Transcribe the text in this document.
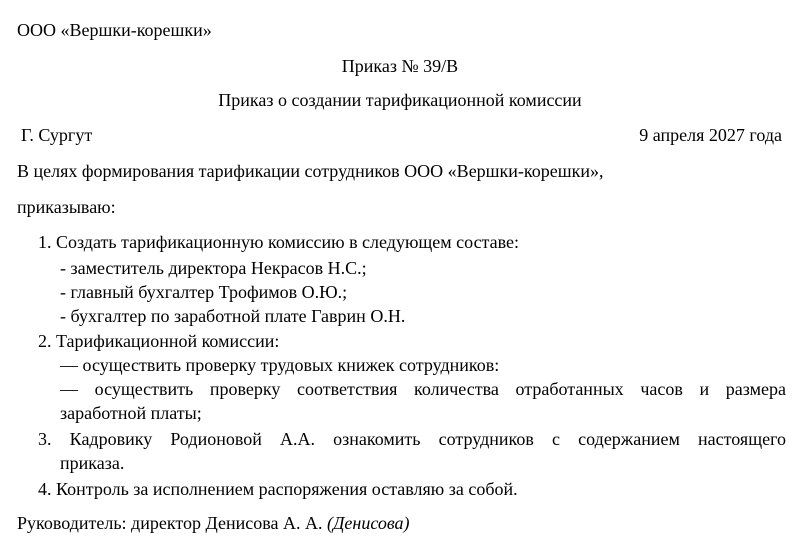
ООО «Вершки-корешки»
Приказ № 39/В
Приказ о создании тарификационной комиссии
Г. Сургут	9 апреля 2027 года
В целях формирования тарификации сотрудников ООО «Вершки-корешки»,
приказываю:
1. Создать тарификационную комиссию в следующем составе:
- заместитель директора Некрасов Н.С.;
- главный бухгалтер Трофимов О.Ю.;
- бухгалтер по заработной плате Гаврин О.Н.
2. Тарификационной комиссии:
— осуществить проверку трудовых книжек сотрудников:
— осуществить проверку соответствия количества отработанных часов и размера
заработной платы;
3. Кадровику Родионовой А.А. ознакомить сотрудников с содержанием настоящего
приказа.
4. Контроль за исполнением распоряжения оставляю за собой.
Руководитель: директор Денисова А. А. (Денисова)
